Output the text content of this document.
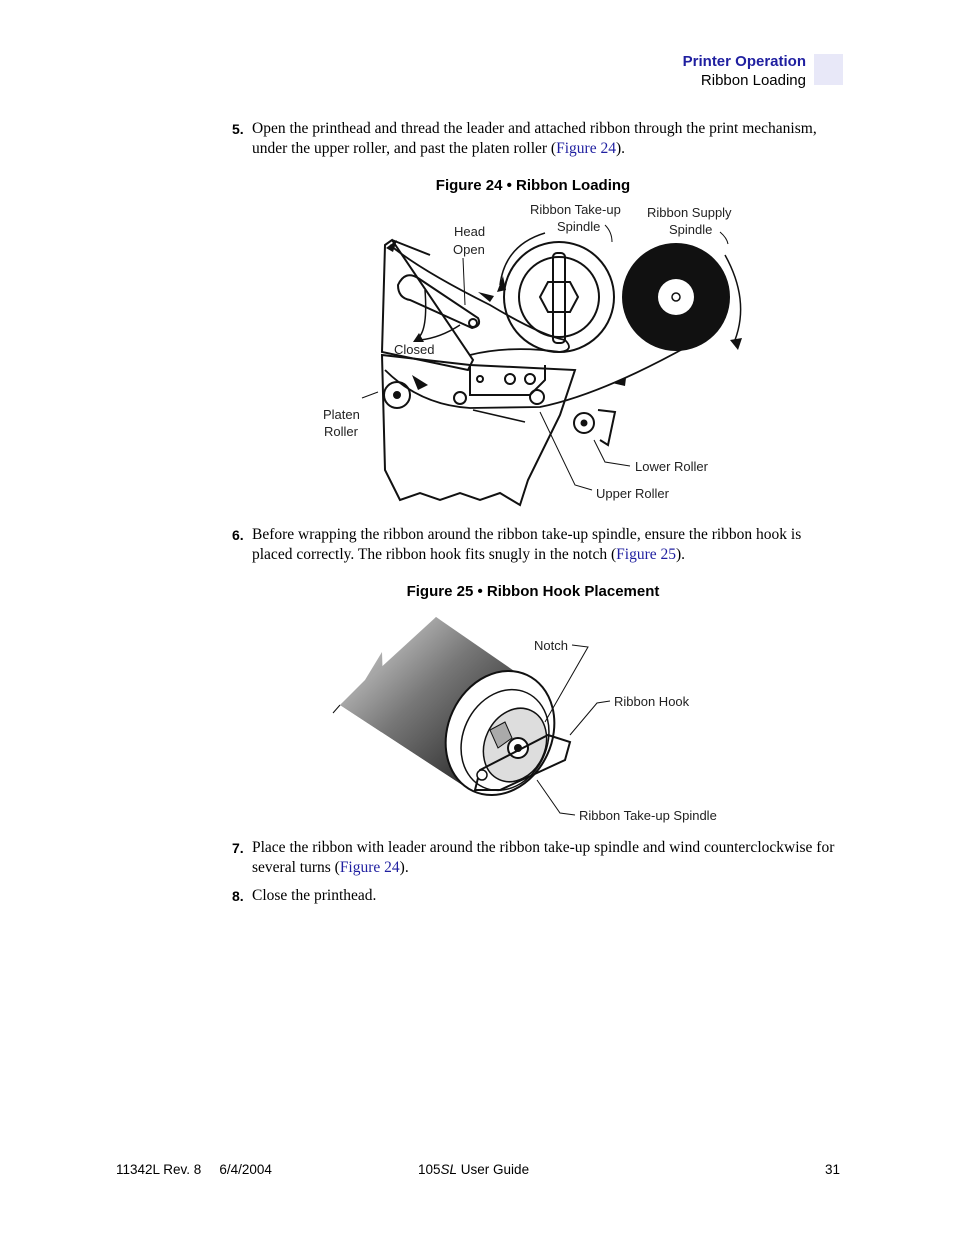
Printer Operation
Ribbon Loading
5. Open the printhead and thread the leader and attached ribbon through the print mechanism, under the upper roller, and past the platen roller (Figure 24).
Figure 24 • Ribbon Loading
Ribbon Take-up
Spindle
Ribbon Supply
Spindle
Head
Open
Closed
Platen
Roller
Lower Roller
Upper Roller
6. Before wrapping the ribbon around the ribbon take-up spindle, ensure the ribbon hook is placed correctly. The ribbon hook fits snugly in the notch (Figure 25).
Figure 25 • Ribbon Hook Placement
Notch
Ribbon Hook
Ribbon Take-up Spindle
7. Place the ribbon with leader around the ribbon take-up spindle and wind counterclockwise for several turns (Figure 24).
8. Close the printhead.
11342L Rev. 8 6/4/2004	105SL User Guide	31
